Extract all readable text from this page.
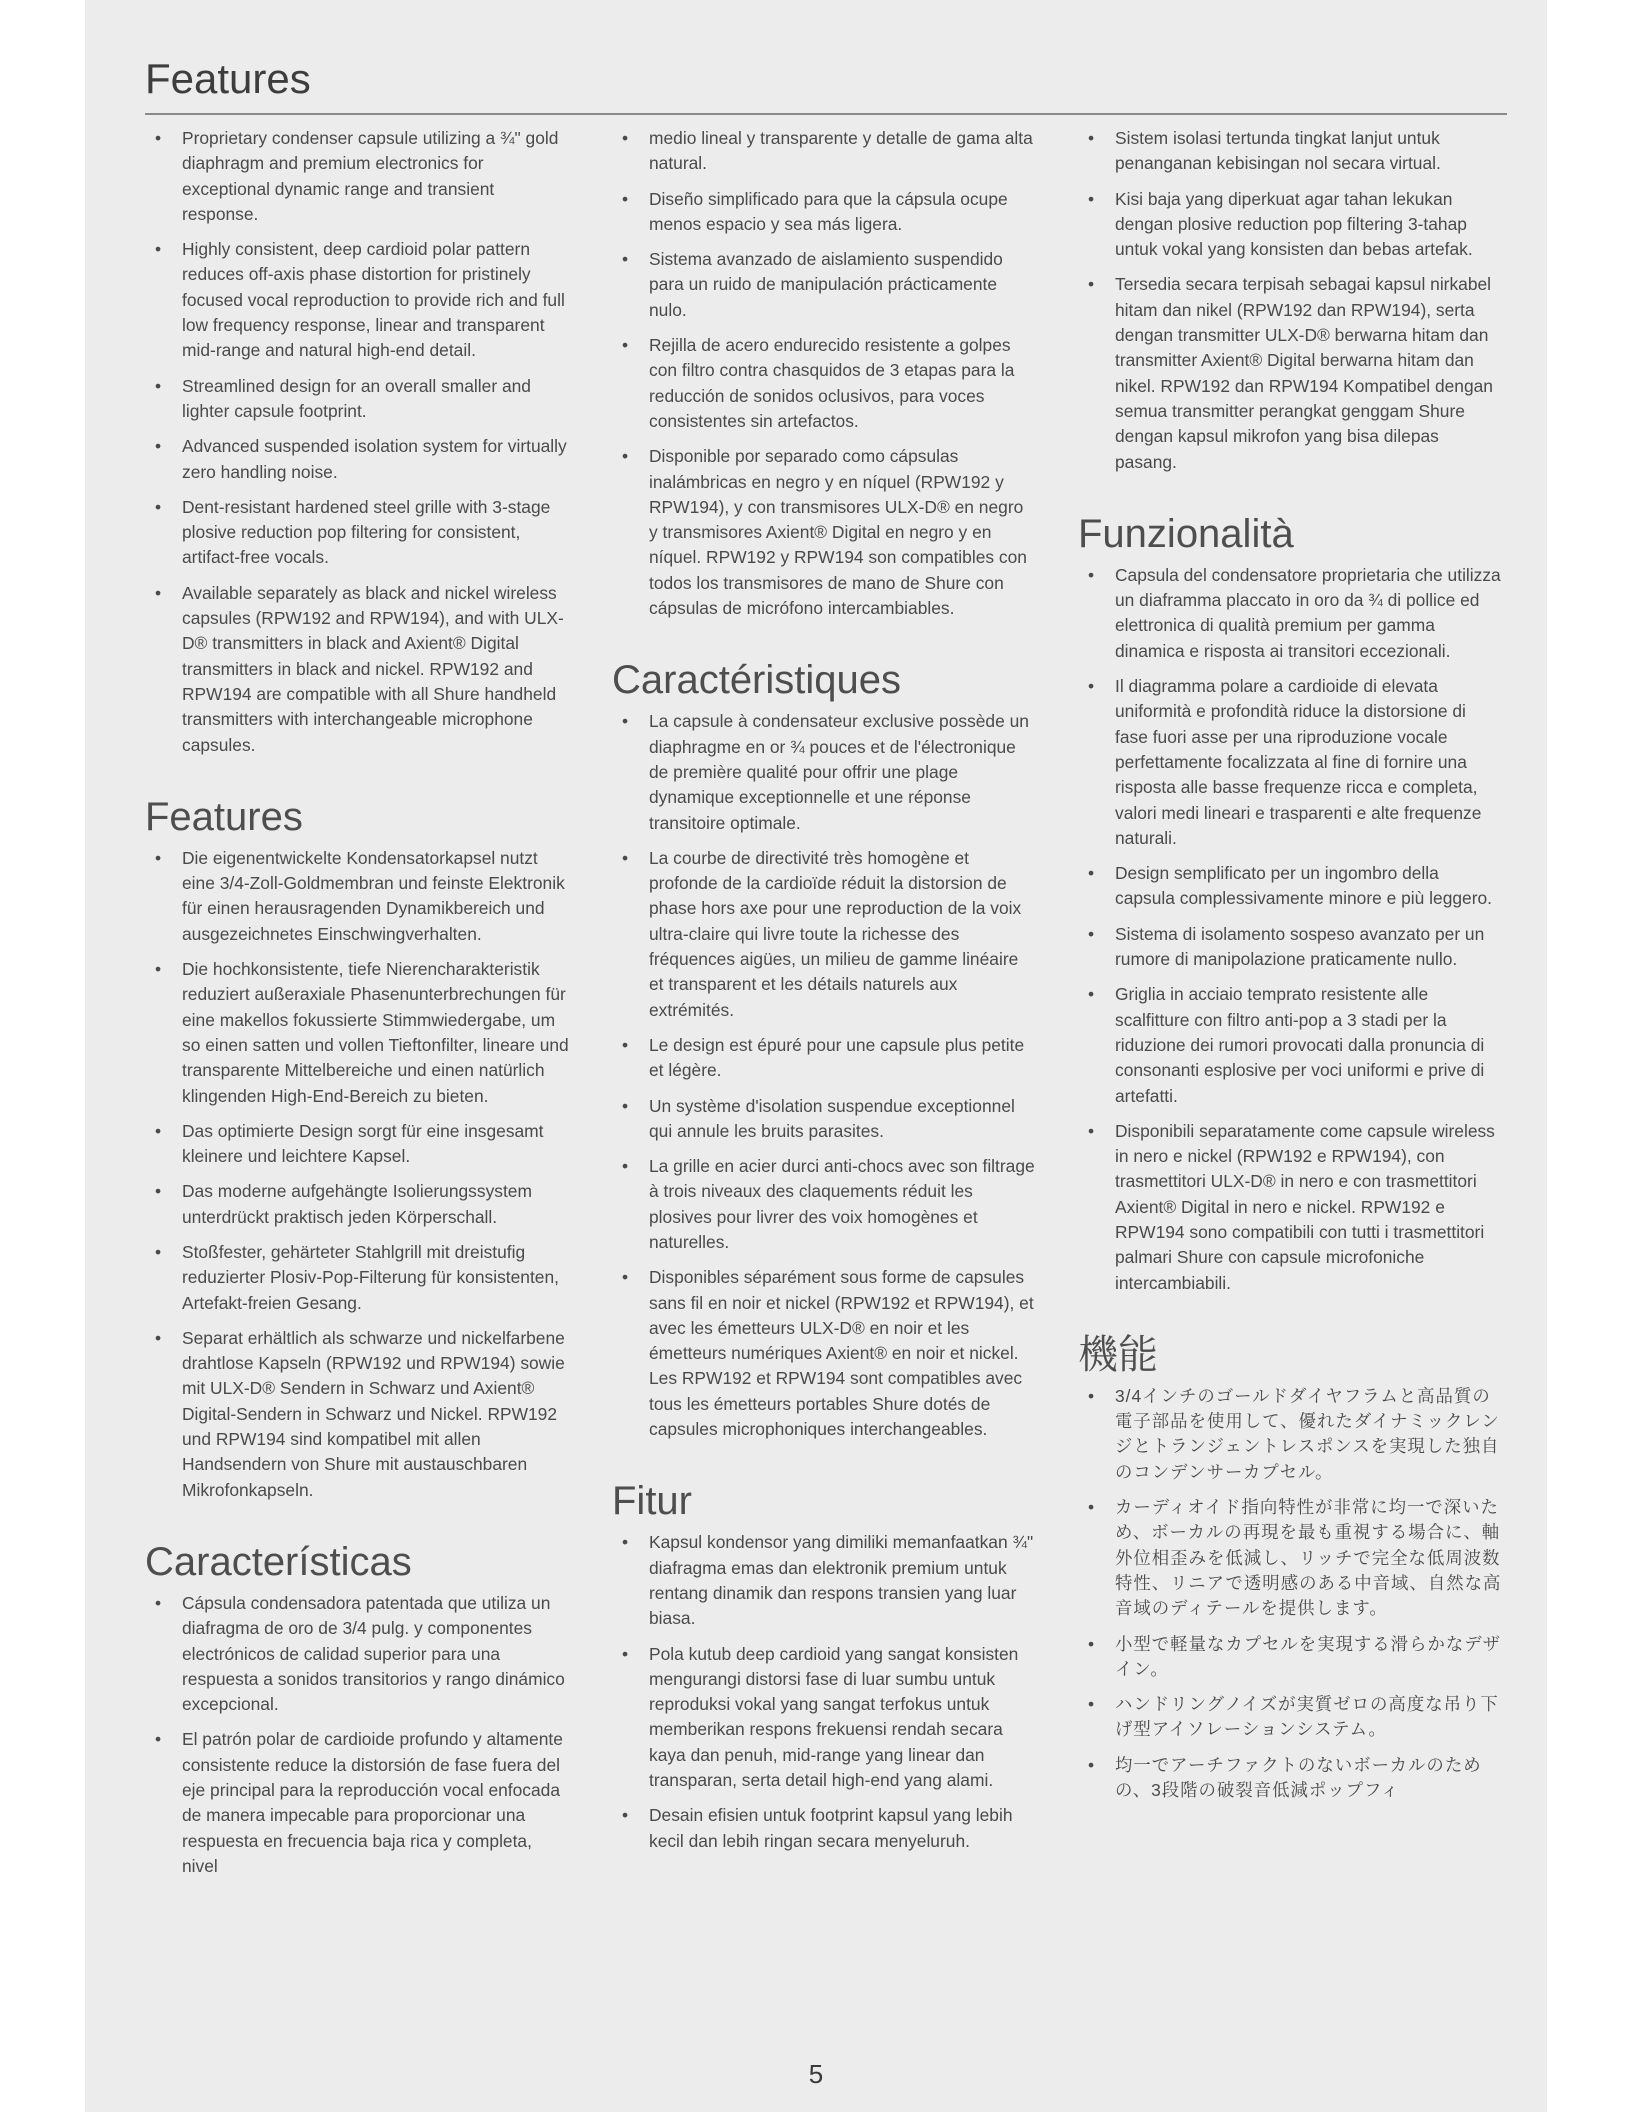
Features
• Proprietary condenser capsule utilizing a ¾" gold diaphragm and premium electronics for exceptional dynamic range and transient response.
• Highly consistent, deep cardioid polar pattern reduces off-axis phase distortion for pristinely focused vocal reproduction to provide rich and full low frequency response, linear and transparent mid-range and natural high-end detail.
• Streamlined design for an overall smaller and lighter capsule footprint.
• Advanced suspended isolation system for virtually zero handling noise.
• Dent-resistant hardened steel grille with 3-stage plosive reduction pop filtering for consistent, artifact-free vocals.
• Available separately as black and nickel wireless capsules (RPW192 and RPW194), and with ULX-D® transmitters in black and Axient® Digital transmitters in black and nickel. RPW192 and RPW194 are compatible with all Shure handheld transmitters with interchangeable microphone capsules.
Features
• Die eigenentwickelte Kondensatorkapsel nutzt eine 3/4-Zoll-Goldmembran und feinste Elektronik für einen herausragenden Dynamikbereich und ausgezeichnetes Einschwingverhalten.
• Die hochkonsistente, tiefe Nierencharakteristik reduziert außeraxiale Phasenunterbrechungen für eine makellos fokussierte Stimmwiedergabe, um so einen satten und vollen Tieftonfilter, lineare und transparente Mittelbereiche und einen natürlich klingenden High-End-Bereich zu bieten.
• Das optimierte Design sorgt für eine insgesamt kleinere und leichtere Kapsel.
• Das moderne aufgehängte Isolierungssystem unterdrückt praktisch jeden Körperschall.
• Stoßfester, gehärteter Stahlgrill mit dreistufig reduzierter Plosiv-Pop-Filterung für konsistenten, Artefakt-freien Gesang.
• Separat erhältlich als schwarze und nickelfarbene drahtlose Kapseln (RPW192 und RPW194) sowie mit ULX-D® Sendern in Schwarz und Axient® Digital-Sendern in Schwarz und Nickel. RPW192 und RPW194 sind kompatibel mit allen Handsendern von Shure mit austauschbaren Mikrofonkapseln.
Características
• Cápsula condensadora patentada que utiliza un diafragma de oro de 3/4 pulg. y componentes electrónicos de calidad superior para una respuesta a sonidos transitorios y rango dinámico excepcional.
• El patrón polar de cardioide profundo y altamente consistente reduce la distorsión de fase fuera del eje principal para la reproducción vocal enfocada de manera impecable para proporcionar una respuesta en frecuencia baja rica y completa, nivel
• medio lineal y transparente y detalle de gama alta natural.
• Diseño simplificado para que la cápsula ocupe menos espacio y sea más ligera.
• Sistema avanzado de aislamiento suspendido para un ruido de manipulación prácticamente nulo.
• Rejilla de acero endurecido resistente a golpes con filtro contra chasquidos de 3 etapas para la reducción de sonidos oclusivos, para voces consistentes sin artefactos.
• Disponible por separado como cápsulas inalámbricas en negro y en níquel (RPW192 y RPW194), y con transmisores ULX-D® en negro y transmisores Axient® Digital en negro y en níquel. RPW192 y RPW194 son compatibles con todos los transmisores de mano de Shure con cápsulas de micrófono intercambiables.
Caractéristiques
• La capsule à condensateur exclusive possède un diaphragme en or ¾ pouces et de l'électronique de première qualité pour offrir une plage dynamique exceptionnelle et une réponse transitoire optimale.
• La courbe de directivité très homogène et profonde de la cardioïde réduit la distorsion de phase hors axe pour une reproduction de la voix ultra-claire qui livre toute la richesse des fréquences aigües, un milieu de gamme linéaire et transparent et les détails naturels aux extrémités.
• Le design est épuré pour une capsule plus petite et légère.
• Un système d'isolation suspendue exceptionnel qui annule les bruits parasites.
• La grille en acier durci anti-chocs avec son filtrage à trois niveaux des claquements réduit les plosives pour livrer des voix homogènes et naturelles.
• Disponibles séparément sous forme de capsules sans fil en noir et nickel (RPW192 et RPW194), et avec les émetteurs ULX-D® en noir et les émetteurs numériques Axient® en noir et nickel. Les RPW192 et RPW194 sont compatibles avec tous les émetteurs portables Shure dotés de capsules microphoniques interchangeables.
Fitur
• Kapsul kondensor yang dimiliki memanfaatkan ¾" diafragma emas dan elektronik premium untuk rentang dinamik dan respons transien yang luar biasa.
• Pola kutub deep cardioid yang sangat konsisten mengurangi distorsi fase di luar sumbu untuk reproduksi vokal yang sangat terfokus untuk memberikan respons frekuensi rendah secara kaya dan penuh, mid-range yang linear dan transparan, serta detail high-end yang alami.
• Desain efisien untuk footprint kapsul yang lebih kecil dan lebih ringan secara menyeluruh.
• Sistem isolasi tertunda tingkat lanjut untuk penanganan kebisingan nol secara virtual.
• Kisi baja yang diperkuat agar tahan lekukan dengan plosive reduction pop filtering 3-tahap untuk vokal yang konsisten dan bebas artefak.
• Tersedia secara terpisah sebagai kapsul nirkabel hitam dan nikel (RPW192 dan RPW194), serta dengan transmitter ULX-D® berwarna hitam dan transmitter Axient® Digital berwarna hitam dan nikel. RPW192 dan RPW194 Kompatibel dengan semua transmitter perangkat genggam Shure dengan kapsul mikrofon yang bisa dilepas pasang.
Funzionalità
• Capsula del condensatore proprietaria che utilizza un diaframma placcato in oro da ¾ di pollice ed elettronica di qualità premium per gamma dinamica e risposta ai transitori eccezionali.
• Il diagramma polare a cardioide di elevata uniformità e profondità riduce la distorsione di fase fuori asse per una riproduzione vocale perfettamente focalizzata al fine di fornire una risposta alle basse frequenze ricca e completa, valori medi lineari e trasparenti e alte frequenze naturali.
• Design semplificato per un ingombro della capsula complessivamente minore e più leggero.
• Sistema di isolamento sospeso avanzato per un rumore di manipolazione praticamente nullo.
• Griglia in acciaio temprato resistente alle scalfitture con filtro anti-pop a 3 stadi per la riduzione dei rumori provocati dalla pronuncia di consonanti esplosive per voci uniformi e prive di artefatti.
• Disponibili separatamente come capsule wireless in nero e nickel (RPW192 e RPW194), con trasmettitori ULX-D® in nero e con trasmettitori Axient® Digital in nero e nickel. RPW192 e RPW194 sono compatibili con tutti i trasmettitori palmari Shure con capsule microfoniche intercambiabili.
機能
• 3/4インチのゴールドダイヤフラムと高品質の電子部品を使用して、優れたダイナミックレンジとトランジェントレスポンスを実現した独自のコンデンサーカプセル。
• カーディオイド指向特性が非常に均一で深いため、ボーカルの再現を最も重視する場合に、軸外位相歪みを低減し、リッチで完全な低周波数特性、リニアで透明感のある中音域、自然な高音域のディテールを提供します。
• 小型で軽量なカプセルを実現する滑らかなデザイン。
• ハンドリングノイズが実質ゼロの高度な吊り下げ型アイソレーションシステム。
• 均一でアーチファクトのないボーカルのための、3段階の破裂音低減ポップフィ
5
